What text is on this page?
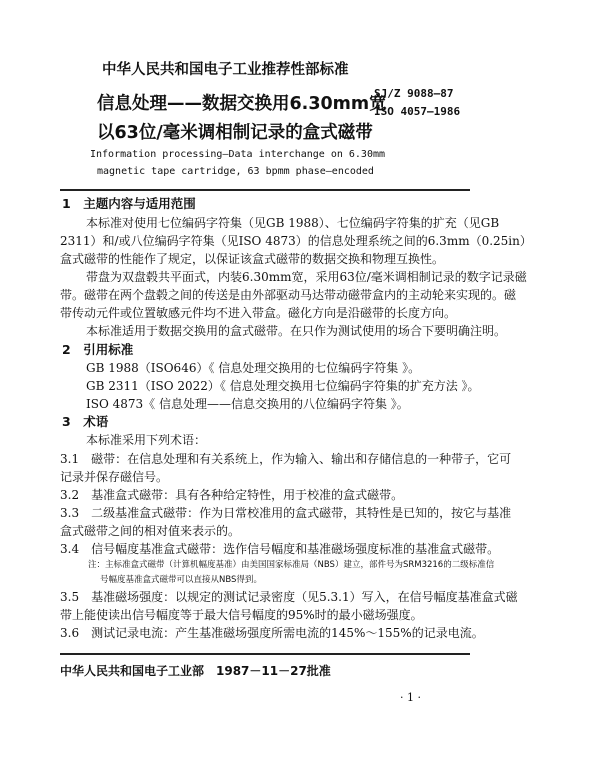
中华人民共和国电子工业推荐性部标准
SJ/Z 9088—87
ISO 4057—1986
信息处理——数据交换用6.30mm宽
以63位/毫米调相制记录的盒式磁带
Information processing—Data interchange on 6.30mm
magnetic tape cartridge, 63 bpmm phase—encoded
1　主题内容与适用范围
本标准对使用七位编码字符集（见GB 1988）、七位编码字符集的扩充（见GB
2311）和/或八位编码字符集（见ISO 4873）的信息处理系统之间的6.3mm（0.25in）
盒式磁带的性能作了规定，以保证该盒式磁带的数据交换和物理互换性。
带盘为双盘毂共平面式，内装6.30mm宽，采用63位/毫米调相制记录的数字记录磁
带。磁带在两个盘毂之间的传送是由外部驱动马达带动磁带盒内的主动轮来实现的。磁
带传动元件或位置敏感元件均不进入带盒。磁化方向是沿磁带的长度方向。
本标准适用于数据交换用的盒式磁带。在只作为测试使用的场合下要明确注明。
2　引用标准
GB 1988（ISO646）《 信息处理交换用的七位编码字符集 》。
GB 2311（ISO 2022）《 信息处理交换用七位编码字符集的扩充方法 》。
ISO 4873《 信息处理——信息交换用的八位编码字符集 》。
3　术语
本标准采用下列术语：
3.1　磁带：在信息处理和有关系统上，作为输入、输出和存储信息的一种带子，它可
记录并保存磁信号。
3.2　基准盒式磁带：具有各种给定特性，用于校准的盒式磁带。
3.3　二级基准盒式磁带：作为日常校准用的盒式磁带，其特性是已知的，按它与基准
盒式磁带之间的相对值来表示的。
3.4　信号幅度基准盒式磁带：选作信号幅度和基准磁场强度标准的基准盒式磁带。
注：主标准盒式磁带（计算机幅度基准）由美国国家标准局（NBS）建立，部件号为SRM3216的二级标准信
号幅度基准盒式磁带可以直接从NBS得到。
3.5　基准磁场强度：以规定的测试记录密度（见5.3.1）写入，在信号幅度基准盒式磁
带上能使读出信号幅度等于最大信号幅度的95%时的最小磁场强度。
3.6　测试记录电流：产生基准磁场强度所需电流的145%～155%的记录电流。
中华人民共和国电子工业部　1987－11－27批准
· 1 ·
